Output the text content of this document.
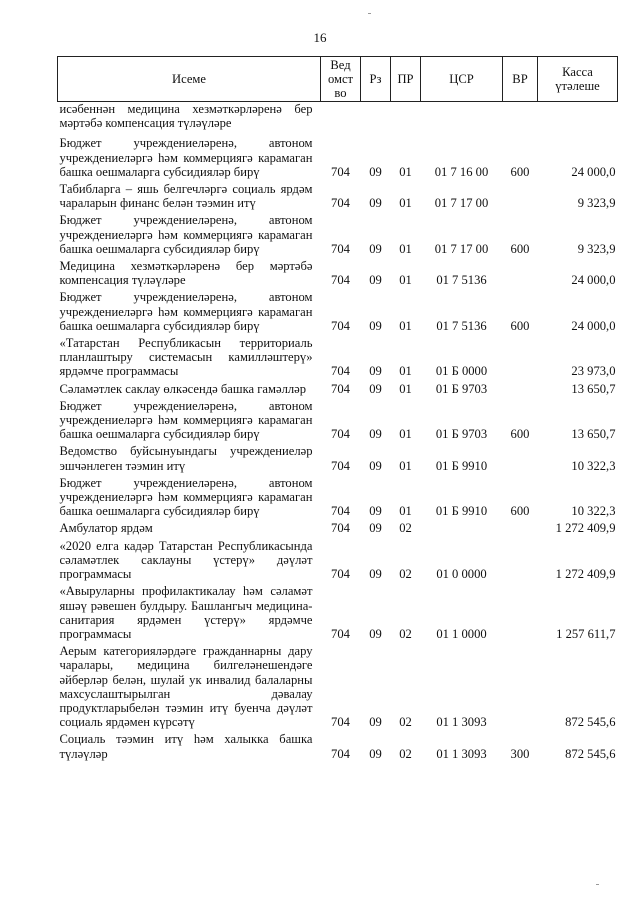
16
Исеме	Ведомство	Рз	ПР	ЦСР	ВР	Касса үтәлеше
исәбеннән медицина хезмәткәрләренә бер мәртәбә компенсация түләүләре						
Бюджет учреждениеләренә, автоном учреждениеләргә һәм коммерциягә карамаган башка оешмаларга субсидияләр бирү	704	09	01	01 7 16 00	600	24 000,0
Табибларга – яшь белгечләргә социаль ярдәм чараларын финанс белән тәэмин итү	704	09	01	01 7 17 00		9 323,9
Бюджет учреждениеләренә, автоном учреждениеләргә һәм коммерциягә карамаган башка оешмаларга субсидияләр бирү	704	09	01	01 7 17 00	600	9 323,9
Медицина хезмәткәрләренә бер мәртәбә компенсация түләүләре	704	09	01	01 7 5136		24 000,0
Бюджет учреждениеләренә, автоном учреждениеләргә һәм коммерциягә карамаган башка оешмаларга субсидияләр бирү	704	09	01	01 7 5136	600	24 000,0
«Татарстан Республикасын территориаль планлаштыру системасын камилләштерү» ярдәмче программасы	704	09	01	01 Б 0000		23 973,0
Сәламәтлек саклау өлкәсендә башка гамәлләр	704	09	01	01 Б 9703		13 650,7
Бюджет учреждениеләренә, автоном учреждениеләргә һәм коммерциягә карамаган башка оешмаларга субсидияләр бирү	704	09	01	01 Б 9703	600	13 650,7
Ведомство буйсынуындагы учреждениеләр эшчәнлеген тәэмин итү	704	09	01	01 Б 9910		10 322,3
Бюджет учреждениеләренә, автоном учреждениеләргә һәм коммерциягә карамаган башка оешмаларга субсидияләр бирү	704	09	01	01 Б 9910	600	10 322,3
Амбулатор ярдәм	704	09	02			1 272 409,9
«2020 елга кадәр Татарстан Республикасында сәламәтлек саклауны үстерү» дәүләт программасы	704	09	02	01 0 0000		1 272 409,9
«Авыруларны профилактикалау һәм сәламәт яшәү рәвешен булдыру. Башлангыч медицина-санитария ярдәмен үстерү» ярдәмче программасы	704	09	02	01 1 0000		1 257 611,7
Аерым категорияләрдәге гражданнарны дару чаралары, медицина билгеләнешендәге әйберләр белән, шулай ук инвалид балаларны махсуслаштырылган дәвалау продуктларыбелән тәэмин итү буенча дәүләт социаль ярдәмен күрсәтү	704	09	02	01 1 3093		872 545,6
Социаль тәэмин итү һәм халыкка башка түләүләр	704	09	02	01 1 3093	300	872 545,6
